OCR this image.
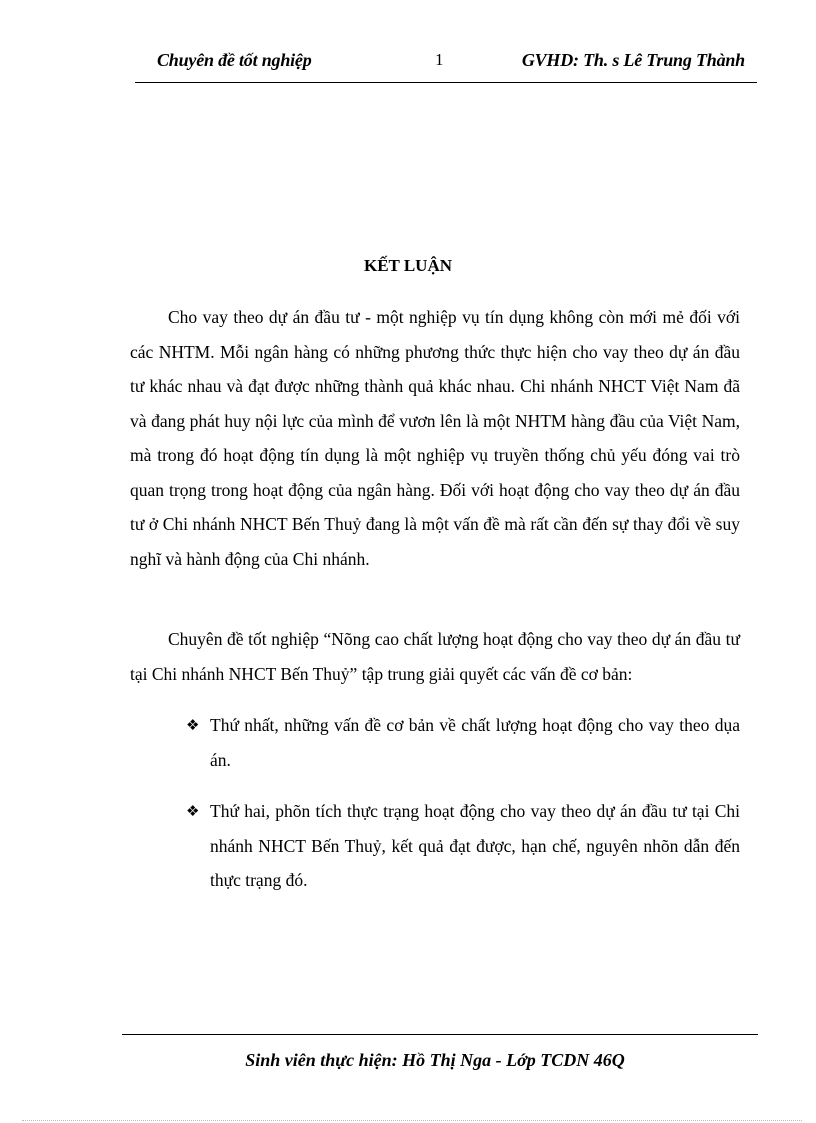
Chuyên đề tốt nghiệp	1	GVHD: Th. s Lê Trung Thành
KẾT LUẬN

Cho vay theo dự án đầu tư - một nghiệp vụ tín dụng không còn mới mẻ đối với các NHTM. Mỗi ngân hàng có những phương thức thực hiện cho vay theo dự án đầu tư khác nhau và đạt được những thành quả khác nhau. Chi nhánh NHCT Việt Nam đã và đang phát huy nội lực của mình để vươn lên là một NHTM hàng đầu của Việt Nam, mà trong đó hoạt động tín dụng là một nghiệp vụ truyền thống chủ yếu đóng vai trò quan trọng trong hoạt động của ngân hàng. Đối với hoạt động cho vay theo dự án đầu tư ở Chi nhánh NHCT Bến Thuỷ đang là một vấn đề mà rất cần đến sự thay đổi về suy nghĩ và hành động của Chi nhánh.

Chuyên đề tốt nghiệp “Nõng cao chất lượng hoạt động cho vay theo dự án đầu tư tại Chi nhánh NHCT Bến Thuỷ” tập trung giải quyết các vấn đề cơ bản:

❖ Thứ nhất, những vấn đề cơ bản về chất lượng hoạt động cho vay theo dụa án.
❖ Thứ hai, phõn tích thực trạng hoạt động cho vay theo dự án đầu tư tại Chi nhánh NHCT Bến Thuỷ, kết quả đạt được, hạn chế, nguyên nhõn dẫn đến thực trạng đó.
Sinh viên thực hiện: Hồ Thị Nga - Lớp TCDN 46Q
